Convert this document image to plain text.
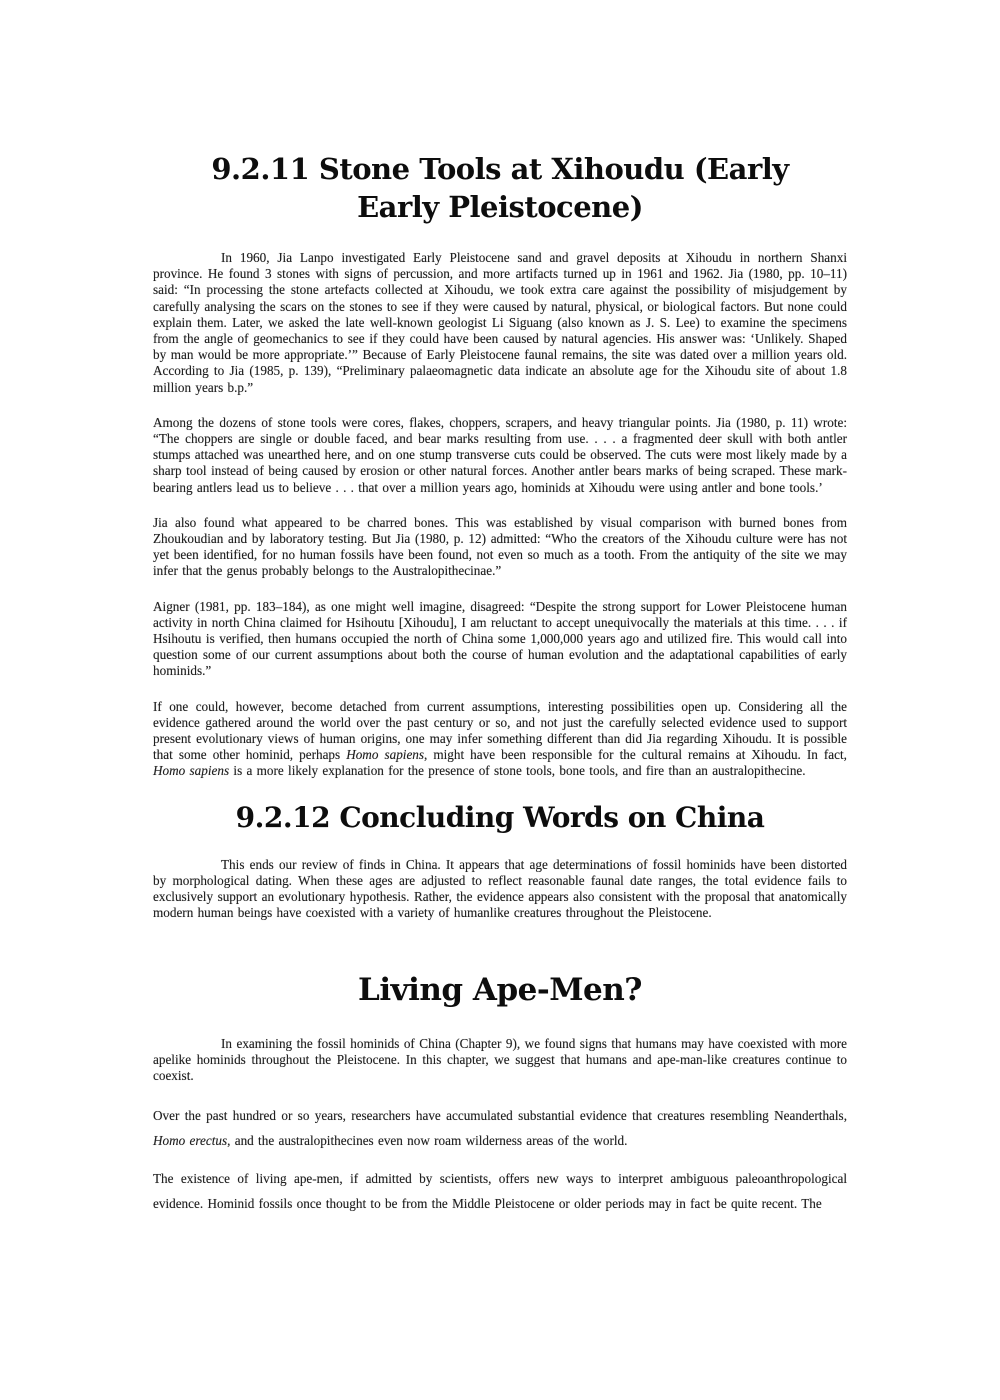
9.2.11 Stone Tools at Xihoudu (Early Early Pleistocene)

In 1960, Jia Lanpo investigated Early Pleistocene sand and gravel deposits at Xihoudu in northern Shanxi province. He found 3 stones with signs of percussion, and more artifacts turned up in 1961 and 1962. Jia (1980, pp. 10–11) said: “In processing the stone artefacts collected at Xihoudu, we took extra care against the possibility of misjudgement by carefully analysing the scars on the stones to see if they were caused by natural, physical, or biological factors. But none could explain them. Later, we asked the late well-known geologist Li Siguang (also known as J. S. Lee) to examine the specimens from the angle of geomechanics to see if they could have been caused by natural agencies. His answer was: ‘Unlikely. Shaped by man would be more appropriate.’” Because of Early Pleistocene faunal remains, the site was dated over a million years old. According to Jia (1985, p. 139), “Preliminary palaeomagnetic data indicate an absolute age for the Xihoudu site of about 1.8 million years b.p.”

Among the dozens of stone tools were cores, flakes, choppers, scrapers, and heavy triangular points. Jia (1980, p. 11) wrote: “The choppers are single or double faced, and bear marks resulting from use. . . . a fragmented deer skull with both antler stumps attached was unearthed here, and on one stump transverse cuts could be observed. The cuts were most likely made by a sharp tool instead of being caused by erosion or other natural forces. Another antler bears marks of being scraped. These mark-bearing antlers lead us to believe . . . that over a million years ago, hominids at Xihoudu were using antler and bone tools.’

Jia also found what appeared to be charred bones. This was established by visual comparison with burned bones from Zhoukoudian and by laboratory testing. But Jia (1980, p. 12) admitted: “Who the creators of the Xihoudu culture were has not yet been identified, for no human fossils have been found, not even so much as a tooth. From the antiquity of the site we may infer that the genus probably belongs to the Australopithecinae.”

Aigner (1981, pp. 183–184), as one might well imagine, disagreed: “Despite the strong support for Lower Pleistocene human activity in north China claimed for Hsihoutu [Xihoudu], I am reluctant to accept unequivocally the materials at this time. . . . if Hsihoutu is verified, then humans occupied the north of China some 1,000,000 years ago and utilized fire. This would call into question some of our current assumptions about both the course of human evolution and the adaptational capabilities of early hominids.”

If one could, however, become detached from current assumptions, interesting possibilities open up. Considering all the evidence gathered around the world over the past century or so, and not just the carefully selected evidence used to support present evolutionary views of human origins, one may infer something different than did Jia regarding Xihoudu. It is possible that some other hominid, perhaps Homo sapiens, might have been responsible for the cultural remains at Xihoudu. In fact, Homo sapiens is a more likely explanation for the presence of stone tools, bone tools, and fire than an australopithecine.

9.2.12 Concluding Words on China

This ends our review of finds in China. It appears that age determinations of fossil hominids have been distorted by morphological dating. When these ages are adjusted to reflect reasonable faunal date ranges, the total evidence fails to exclusively support an evolutionary hypothesis. Rather, the evidence appears also consistent with the proposal that anatomically modern human beings have coexisted with a variety of humanlike creatures throughout the Pleistocene.

Living Ape-Men?

In examining the fossil hominids of China (Chapter 9), we found signs that humans may have coexisted with more apelike hominids throughout the Pleistocene. In this chapter, we suggest that humans and ape-man-like creatures continue to coexist.

Over the past hundred or so years, researchers have accumulated substantial evidence that creatures resembling Neanderthals, Homo erectus, and the australopithecines even now roam wilderness areas of the world.

The existence of living ape-men, if admitted by scientists, offers new ways to interpret ambiguous paleoanthropological evidence. Hominid fossils once thought to be from the Middle Pleistocene or older periods may in fact be quite recent. The
